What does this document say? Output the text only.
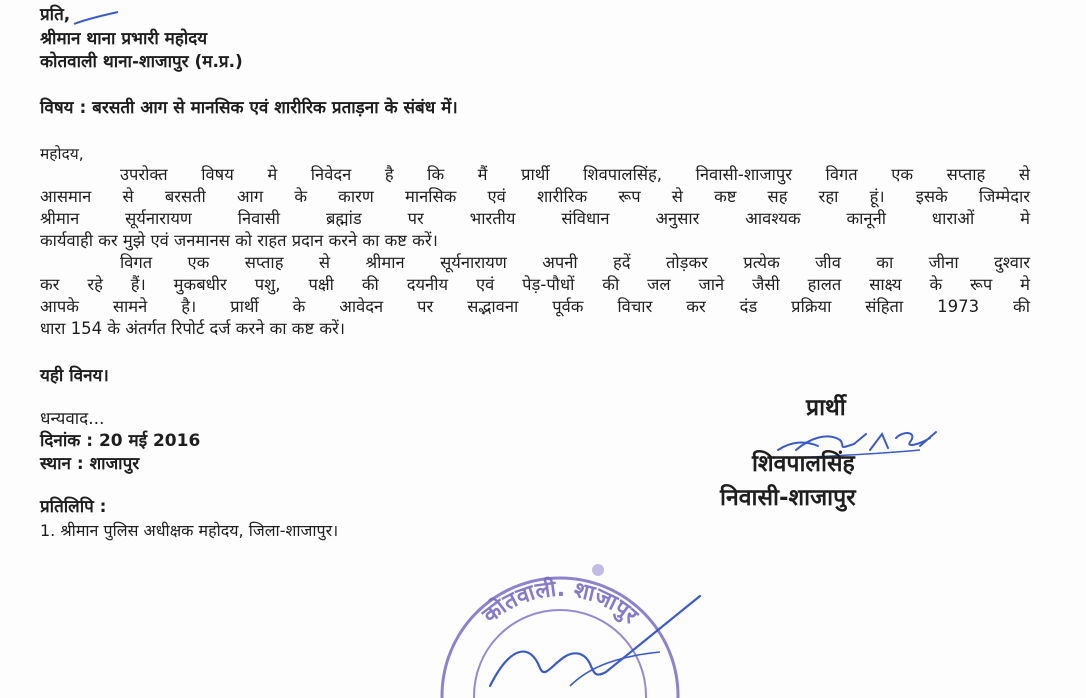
प्रति,
श्रीमान थाना प्रभारी महोदय
कोतवाली थाना-शाजापुर (म.प्र.)
विषय : बरसती आग से मानसिक एवं शारीरिक प्रताड़ना के संबंध में।
महोदय,
उपरोक्त विषय मे निवेदन है कि मैं प्रार्थी शिवपालसिंह, निवासी-शाजापुर विगत एक सप्ताह से
आसमान से बरसती आग के कारण मानसिक एवं शारीरिक रूप से कष्ट सह रहा हूं। इसके जिम्मेदार
श्रीमान सूर्यनारायण निवासी ब्रह्मांड पर भारतीय संविधान अनुसार आवश्यक कानूनी धाराओं मे
कार्यवाही कर मुझे एवं जनमानस को राहत प्रदान करने का कष्ट करें।
विगत एक सप्ताह से श्रीमान सूर्यनारायण अपनी हदें तोड़कर प्रत्येक जीव का जीना दुश्वार
कर रहे हैं। मुकबधीर पशु, पक्षी की दयनीय एवं पेड़-पौधों की जल जाने जैसी हालत साक्ष्य के रूप मे
आपके सामने है। प्रार्थी के आवेदन पर सद्भावना पूर्वक विचार कर दंड प्रक्रिया संहिता 1973 की
धारा 154 के अंतर्गत रिपोर्ट दर्ज करने का कष्ट करें।
यही विनय।
धन्यवाद...
दिनांक : 20 मई 2016
स्थान : शाजापुर
प्रार्थी
शिवपालसिंह
निवासी-शाजापुर
प्रतिलिपि :
1. श्रीमान पुलिस अधीक्षक महोदय, जिला-शाजापुर।
कोतवाली. शाजापुर
